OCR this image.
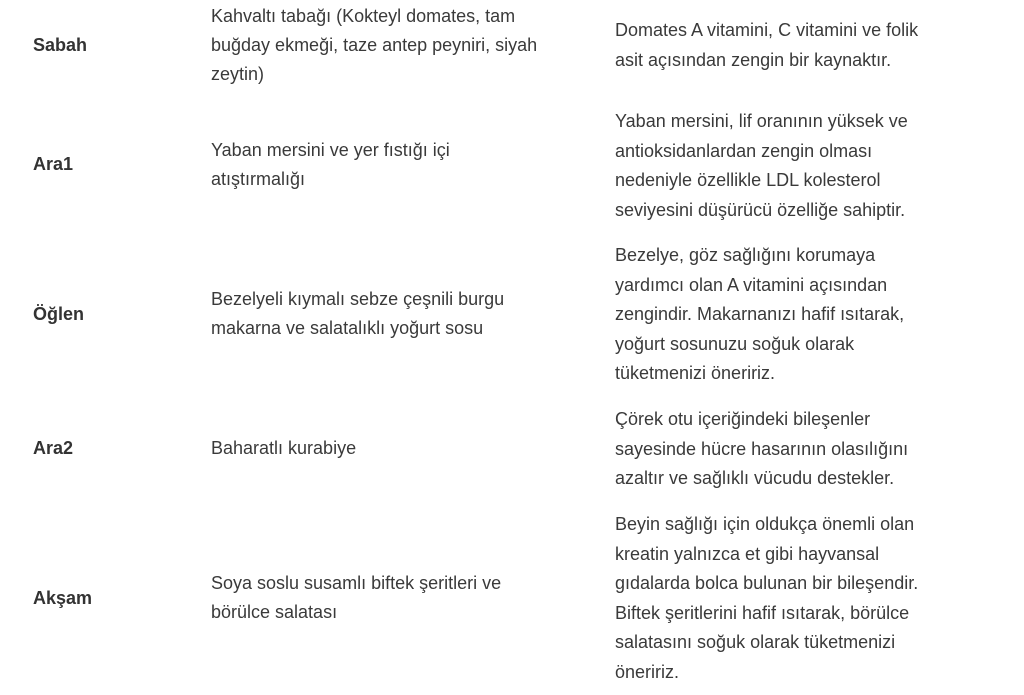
Sabah
Kahvaltı tabağı (Kokteyl domates, tam
buğday ekmeği, taze antep peyniri, siyah
zeytin)
Domates A vitamini, C vitamini ve folik
asit açısından zengin bir kaynaktır.
Ara1
Yaban mersini ve yer fıstığı içi
atıştırmalığı
Yaban mersini, lif oranının yüksek ve
antioksidanlardan zengin olması
nedeniyle özellikle LDL kolesterol
seviyesini düşürücü özelliğe sahiptir.
Öğlen
Bezelyeli kıymalı sebze çeşnili burgu
makarna ve salatalıklı yoğurt sosu
Bezelye, göz sağlığını korumaya
yardımcı olan A vitamini açısından
zengindir. Makarnanızı hafif ısıtarak,
yoğurt sosunuzu soğuk olarak
tüketmenizi öneririz.
Ara2	Baharatlı kurabiye
Çörek otu içeriğindeki bileşenler
sayesinde hücre hasarının olasılığını
azaltır ve sağlıklı vücudu destekler.
Akşam
Soya soslu susamlı biftek şeritleri ve
börülce salatası
Beyin sağlığı için oldukça önemli olan
kreatin yalnızca et gibi hayvansal
gıdalarda bolca bulunan bir bileşendir.
Biftek şeritlerini hafif ısıtarak, börülce
salatasını soğuk olarak tüketmenizi
öneririz.
